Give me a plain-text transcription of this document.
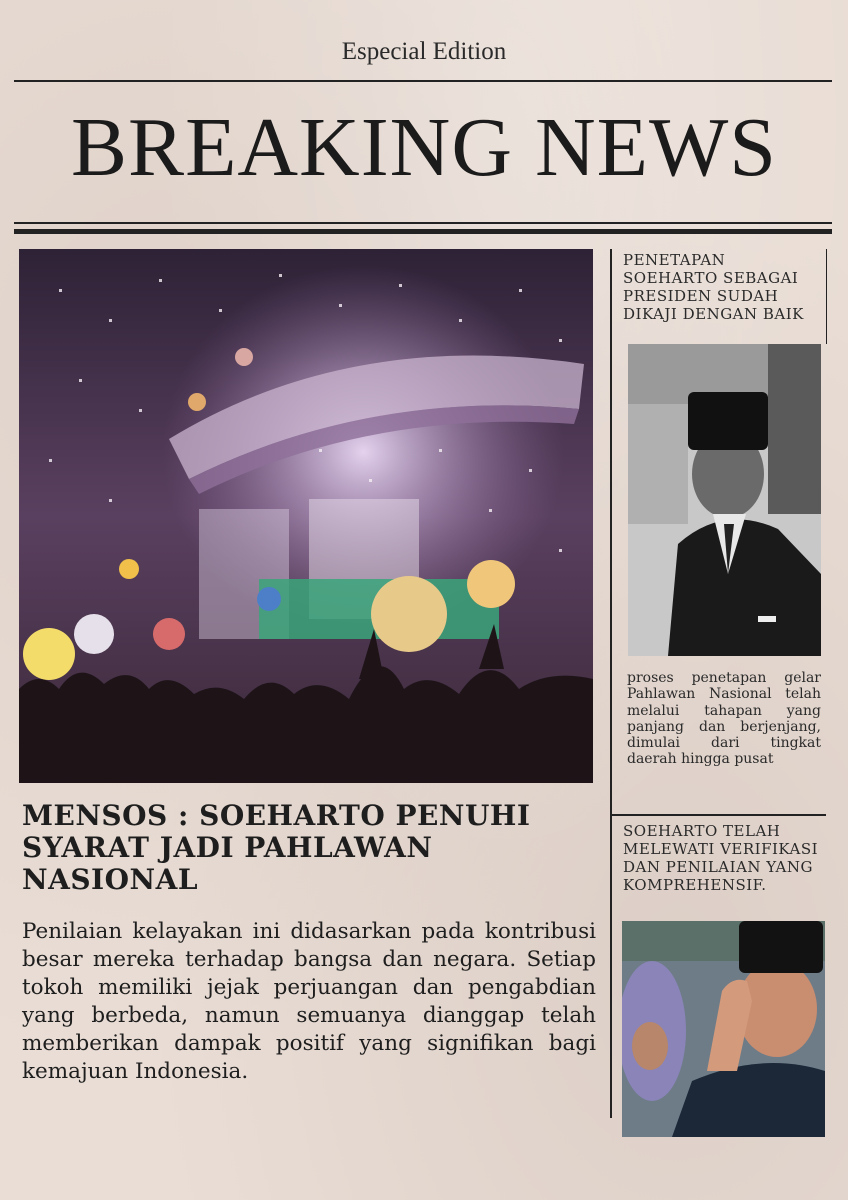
Especial Edition
BREAKING NEWS
PENETAPAN SOEHARTO SEBAGAI PRESIDEN SUDAH DIKAJI DENGAN BAIK
proses penetapan gelar Pahlawan Nasional telah melalui tahapan yang panjang dan berjenjang, dimulai dari tingkat daerah hingga pusat
SOEHARTO TELAH MELEWATI VERIFIKASI DAN PENILAIAN YANG KOMPREHENSIF.
MENSOS : SOEHARTO PENUHI SYARAT JADI PAHLAWAN NASIONAL
Penilaian kelayakan ini didasarkan pada kontribusi besar mereka terhadap bangsa dan negara. Setiap tokoh memiliki jejak perjuangan dan pengabdian yang berbeda, namun semuanya dianggap telah memberikan dampak positif yang signifikan bagi kemajuan Indonesia.
